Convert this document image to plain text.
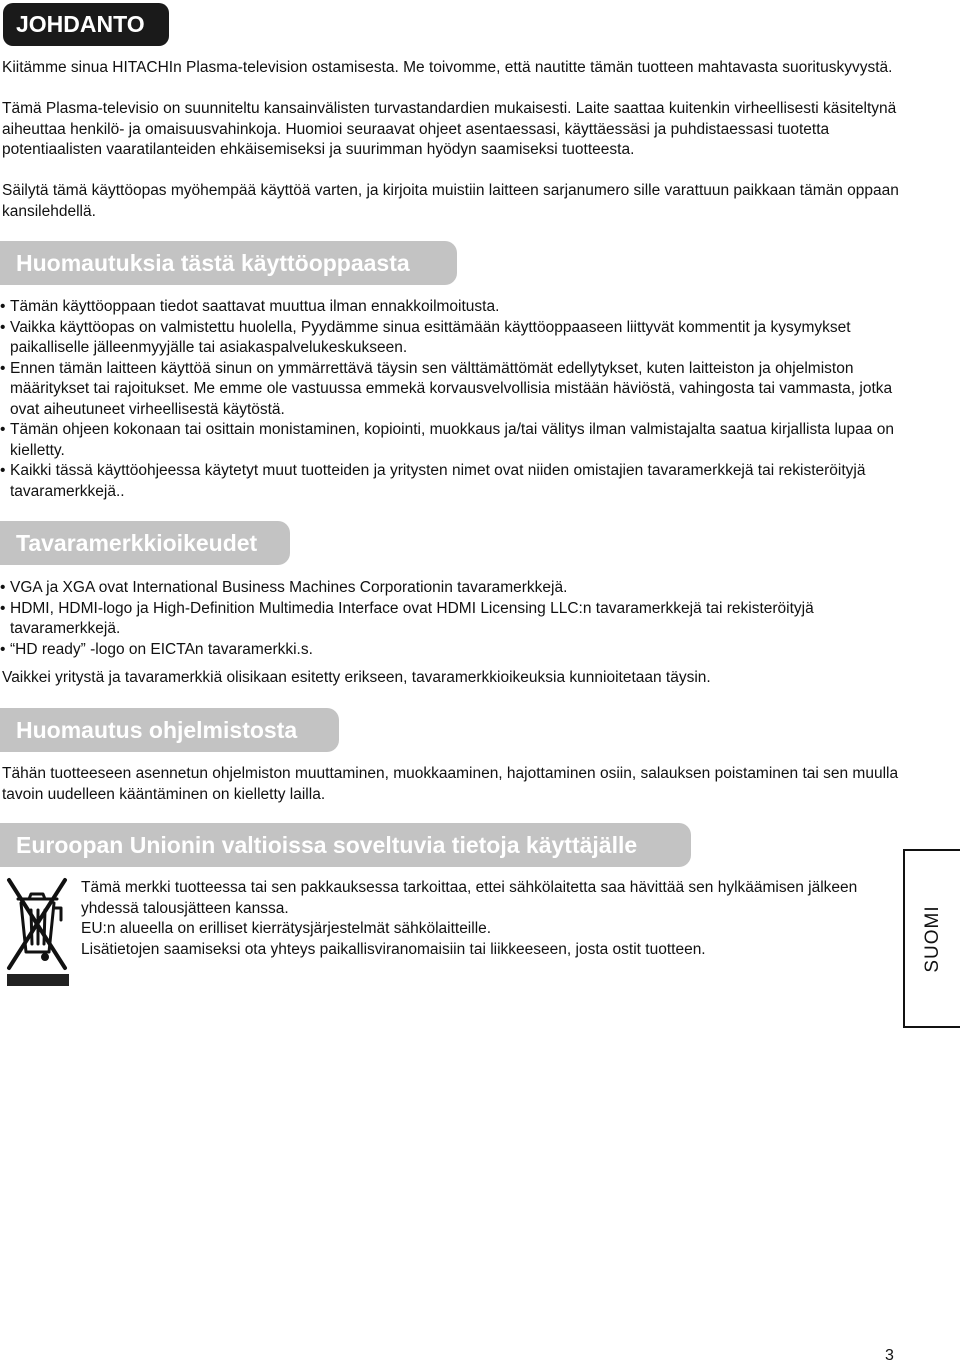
JOHDANTO

Kiitämme sinua HITACHIn Plasma-television ostamisesta. Me toivomme, että nautitte tämän tuotteen mahtavasta suorituskyvystä.

Tämä Plasma-televisio on suunniteltu kansainvälisten turvastandardien mukaisesti. Laite saattaa kuitenkin virheellisesti käsiteltynä aiheuttaa henkilö- ja omaisuusvahinkoja. Huomioi seuraavat ohjeet asentaessasi, käyttäessäsi ja puhdistaessasi tuotetta potentiaalisten vaaratilanteiden ehkäisemiseksi ja suurimman hyödyn saamiseksi tuotteesta.

Säilytä tämä käyttöopas myöhempää käyttöä varten, ja kirjoita muistiin laitteen sarjanumero sille varattuun paikkaan tämän oppaan kansilehdellä.

Huomautuksia tästä käyttöoppaasta
• Tämän käyttöoppaan tiedot saattavat muuttua ilman ennakkoilmoitusta.
• Vaikka käyttöopas on valmistettu huolella, Pyydämme sinua esittämään käyttöoppaaseen liittyvät kommentit ja kysymykset paikalliselle jälleenmyyjälle tai asiakaspalvelukeskukseen.
• Ennen tämän laitteen käyttöä sinun on ymmärrettävä täysin sen välttämättömät edellytykset, kuten laitteiston ja ohjelmiston määritykset tai rajoitukset. Me emme ole vastuussa emmekä korvausvelvollisia mistään häviöstä, vahingosta tai vammasta, jotka ovat aiheutuneet virheellisestä käytöstä.
• Tämän ohjeen kokonaan tai osittain monistaminen, kopiointi, muokkaus ja/tai välitys ilman valmistajalta saatua kirjallista lupaa on kielletty.
• Kaikki tässä käyttöohjeessa käytetyt muut tuotteiden ja yritysten nimet ovat niiden omistajien tavaramerkkejä tai rekisteröityjä tavaramerkkejä..
Tavaramerkkioikeudet
• VGA ja XGA ovat International Business Machines Corporationin tavaramerkkejä.
• HDMI, HDMI-logo ja High-Definition Multimedia Interface ovat HDMI Licensing LLC:n tavaramerkkejä tai rekisteröityjä tavaramerkkejä.
• “HD ready” -logo on EICTAn tavaramerkki.s.

Vaikkei yritystä ja tavaramerkkiä olisikaan esitetty erikseen, tavaramerkkioikeuksia kunnioitetaan täysin.

Huomautus ohjelmistosta

Tähän tuotteeseen asennetun ohjelmiston muuttaminen, muokkaaminen, hajottaminen osiin, salauksen poistaminen tai sen muulla tavoin uudelleen kääntäminen on kielletty lailla.

Euroopan Unionin valtioissa soveltuvia tietoja käyttäjälle

Tämä merkki tuotteessa tai sen pakkauksessa tarkoittaa, ettei sähkölaitetta saa hävittää sen hylkäämisen jälkeen yhdessä talousjätteen kanssa.

EU:n alueella on erilliset kierrätysjärjestelmät sähkölaitteille.

Lisätietojen saamiseksi ota yhteys paikallisviranomaisiin tai liikkeeseen, josta ostit tuotteen.	SUOMI
3
